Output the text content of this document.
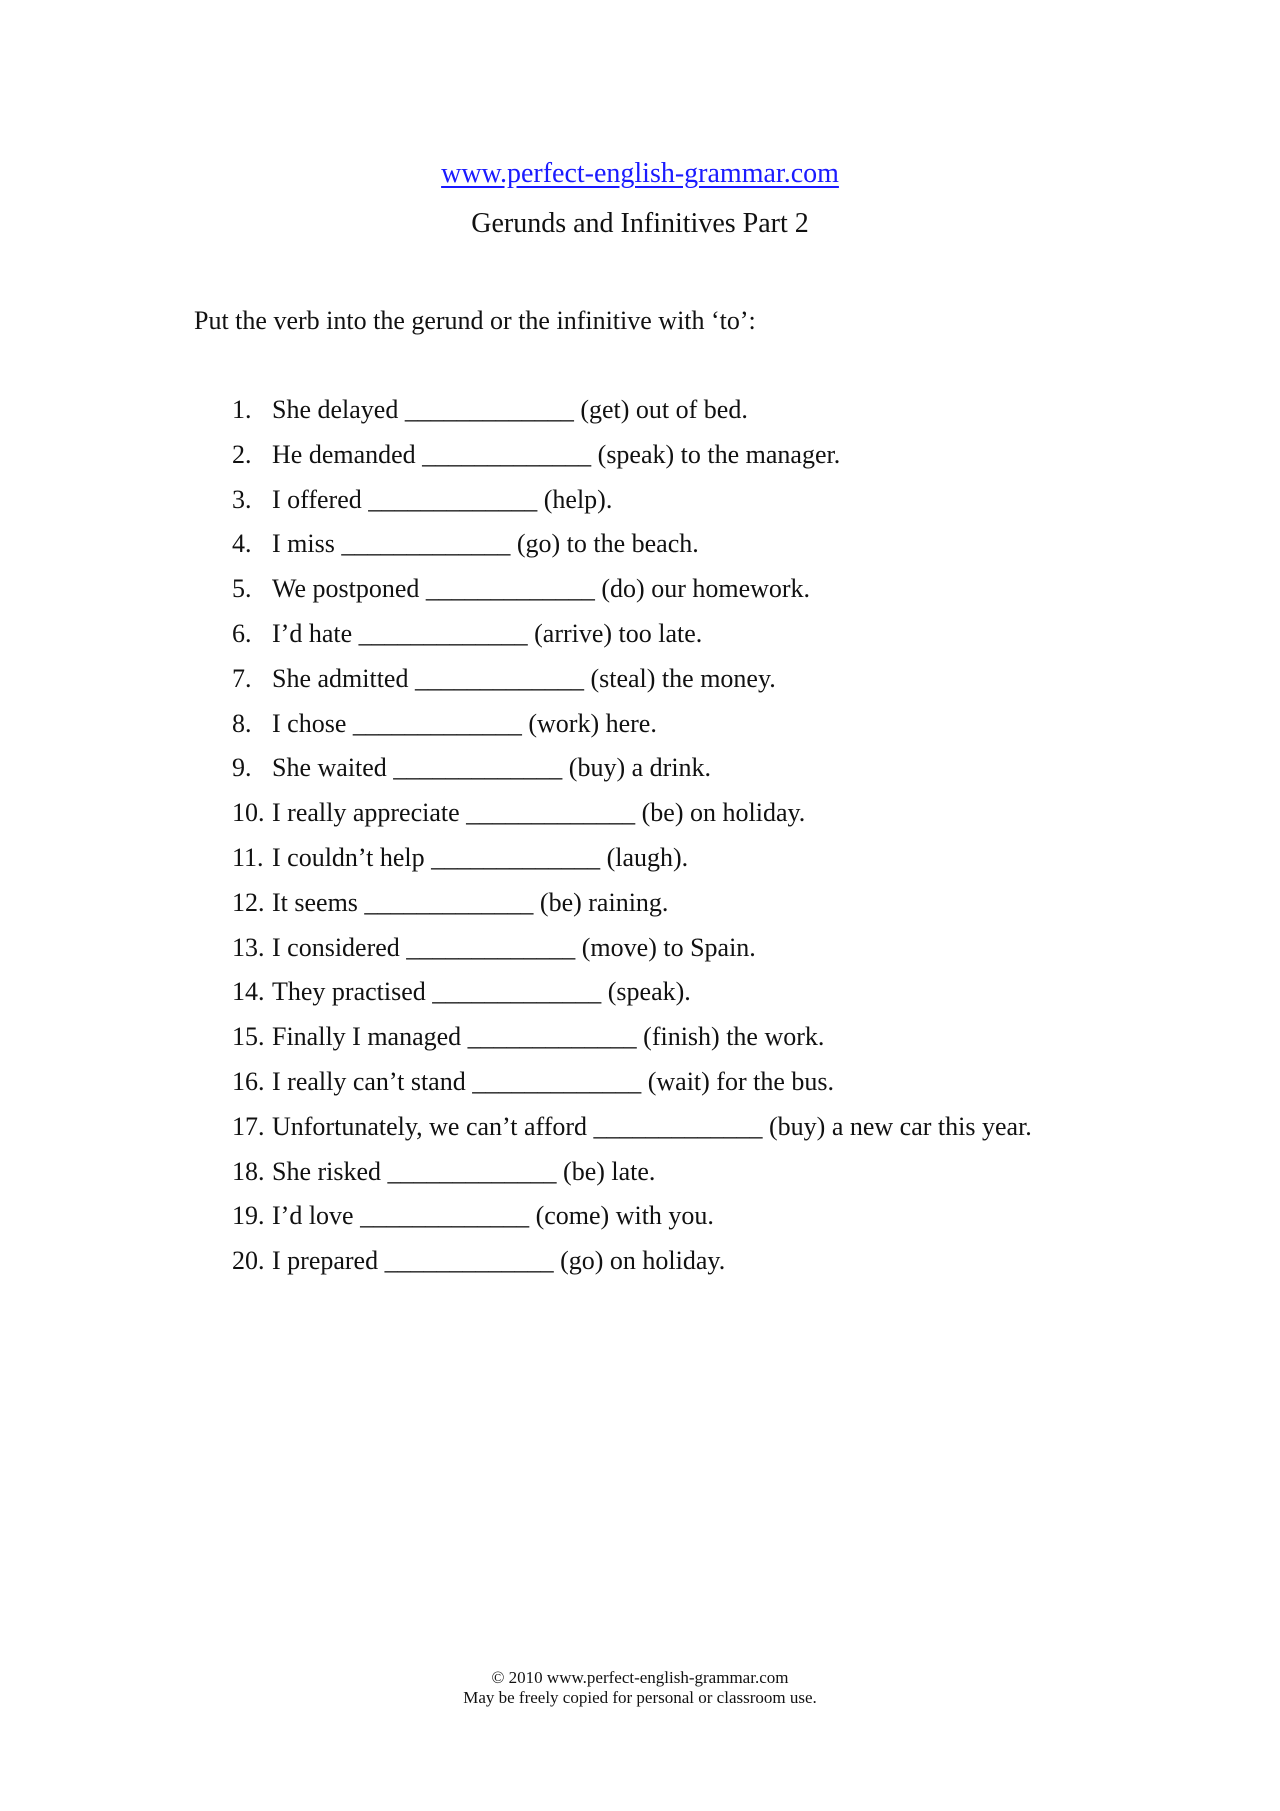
www.perfect-english-grammar.com
Gerunds and Infinitives Part 2
Put the verb into the gerund or the infinitive with ‘to’:
1. She delayed _____________ (get) out of bed.
2. He demanded _____________ (speak) to the manager.
3. I offered _____________ (help).
4. I miss _____________ (go) to the beach.
5. We postponed _____________ (do) our homework.
6. I’d hate _____________ (arrive) too late.
7. She admitted _____________ (steal) the money.
8. I chose _____________ (work) here.
9. She waited _____________ (buy) a drink.
10. I really appreciate _____________ (be) on holiday.
11. I couldn’t help _____________ (laugh).
12. It seems _____________ (be) raining.
13. I considered _____________ (move) to Spain.
14. They practised _____________ (speak).
15. Finally I managed _____________ (finish) the work.
16. I really can’t stand _____________ (wait) for the bus.
17. Unfortunately, we can’t afford _____________ (buy) a new car this year.
18. She risked _____________ (be) late.
19. I’d love _____________ (come) with you.
20. I prepared _____________ (go) on holiday.
© 2010 www.perfect-english-grammar.com
May be freely copied for personal or classroom use.
